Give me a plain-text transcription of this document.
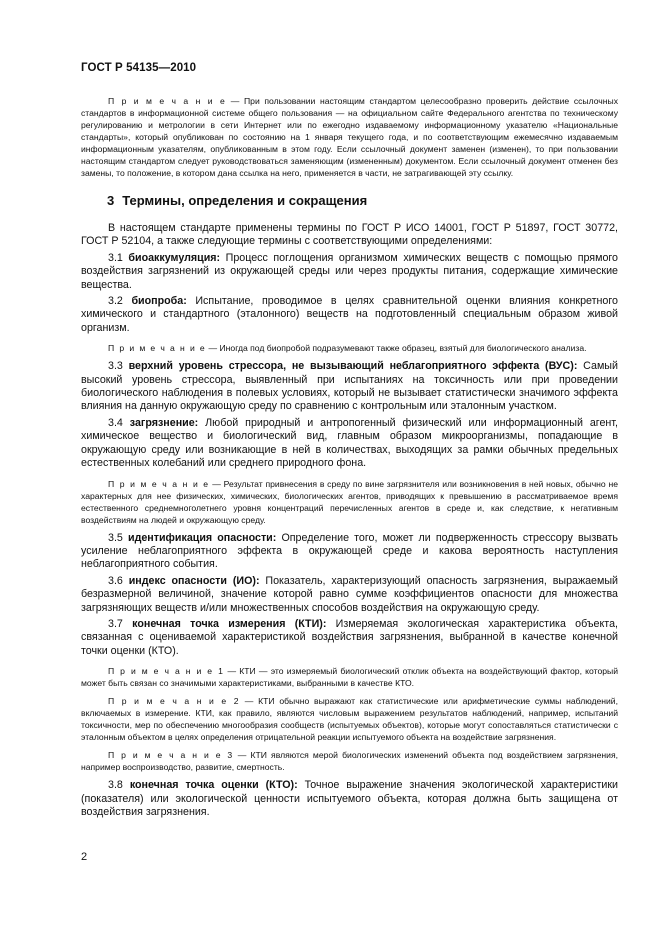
ГОСТ Р 54135—2010

П р и м е ч а н и е — При пользовании настоящим стандартом целесообразно проверить действие ссылочных стандартов в информационной системе общего пользования — на официальном сайте Федерального агентства по техническому регулированию и метрологии в сети Интернет или по ежегодно издаваемому информационному указателю «Национальные стандарты», который опубликован по состоянию на 1 января текущего года, и по соответствующим ежемесячно издаваемым информационным указателям, опубликованным в этом году. Если ссылочный документ заменен (изменен), то при пользовании настоящим стандартом следует руководствоваться заменяющим (измененным) документом. Если ссылочный документ отменен без замены, то положение, в котором дана ссылка на него, применяется в части, не затрагивающей эту ссылку.

3 Термины, определения и сокращения

В настоящем стандарте применены термины по ГОСТ Р ИСО 14001, ГОСТ Р 51897, ГОСТ 30772, ГОСТ Р 52104, а также следующие термины с соответствующими определениями:

3.1 биоаккумуляция: Процесс поглощения организмом химических веществ с помощью прямого воздействия загрязнений из окружающей среды или через продукты питания, содержащие химические вещества.

3.2 биопроба: Испытание, проводимое в целях сравнительной оценки влияния конкретного химического и стандартного (эталонного) веществ на подготовленный специальным образом живой организм.

П р и м е ч а н и е — Иногда под биопробой подразумевают также образец, взятый для биологического анализа.

3.3 верхний уровень стрессора, не вызывающий неблагоприятного эффекта (ВУС): Самый высокий уровень стрессора, выявленный при испытаниях на токсичность или при проведении биологического наблюдения в полевых условиях, который не вызывает статистически значимого эффекта влияния на данную окружающую среду по сравнению с контрольным или эталонным участком.

3.4 загрязнение: Любой природный и антропогенный физический или информационный агент, химическое вещество и биологический вид, главным образом микроорганизмы, попадающие в окружающую среду или возникающие в ней в количествах, выходящих за рамки обычных предельных естественных колебаний или среднего природного фона.

П р и м е ч а н и е — Результат привнесения в среду по вине загрязнителя или возникновения в ней новых, обычно не характерных для нее физических, химических, биологических агентов, приводящих к превышению в рассматриваемое время естественного среднемноголетнего уровня концентраций перечисленных агентов в среде и, как следствие, к негативным воздействиям на людей и окружающую среду.

3.5 идентификация опасности: Определение того, может ли подверженность стрессору вызвать усиление неблагоприятного эффекта в окружающей среде и какова вероятность наступления неблагоприятного события.

3.6 индекс опасности (ИО): Показатель, характеризующий опасность загрязнения, выражаемый безразмерной величиной, значение которой равно сумме коэффициентов опасности для множества загрязняющих веществ и/или множественных способов воздействия на окружающую среду.

3.7 конечная точка измерения (КТИ): Измеряемая экологическая характеристика объекта, связанная с оцениваемой характеристикой воздействия загрязнения, выбранной в качестве конечной точки оценки (КТО).

П р и м е ч а н и е 1 — КТИ — это измеряемый биологический отклик объекта на воздействующий фактор, который может быть связан со значимыми характеристиками, выбранными в качестве КТО.

П р и м е ч а н и е 2 — КТИ обычно выражают как статистические или арифметические суммы наблюдений, включаемых в измерение. КТИ, как правило, являются числовым выражением результатов наблюдений, например, испытаний токсичности, мер по обеспечению многообразия сообществ (испытуемых объектов), которые могут сопоставляться статистически с эталонным объектом в целях определения отрицательной реакции испытуемого объекта на воздействие загрязнения.

П р и м е ч а н и е 3 — КТИ являются мерой биологических изменений объекта под воздействием загрязнения, например воспроизводство, развитие, смертность.

3.8 конечная точка оценки (КТО): Точное выражение значения экологической характеристики (показателя) или экологической ценности испытуемого объекта, которая должна быть защищена от воздействия загрязнения.

2
